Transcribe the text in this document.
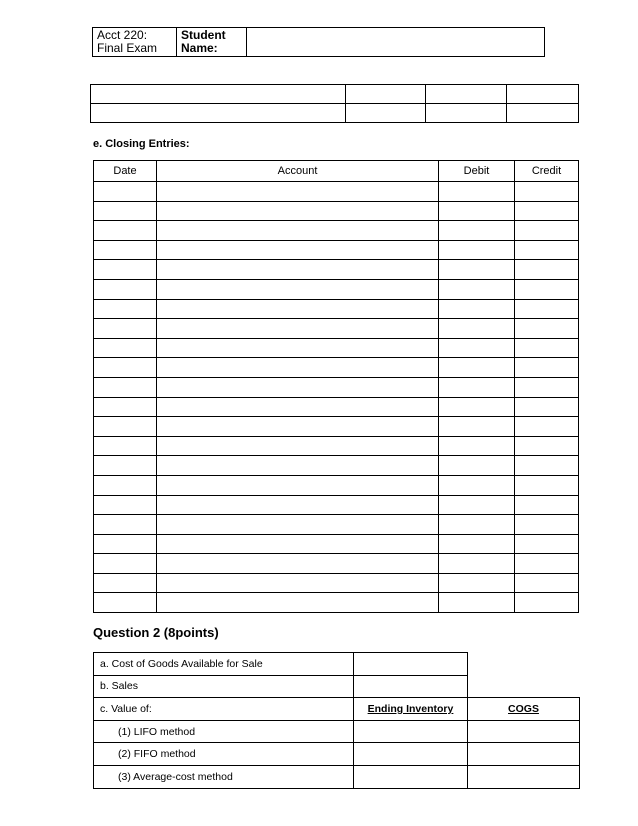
Acct 220:
Final Exam

Student
Name:

e. Closing Entries:
Date	Account	Debit	Credit

Question 2 (8points)
a. Cost of Goods Available for Sale		
b. Sales		
c. Value of:	Ending Inventory	COGS
(1) LIFO method		
(2) FIFO method		
(3) Average-cost method		
